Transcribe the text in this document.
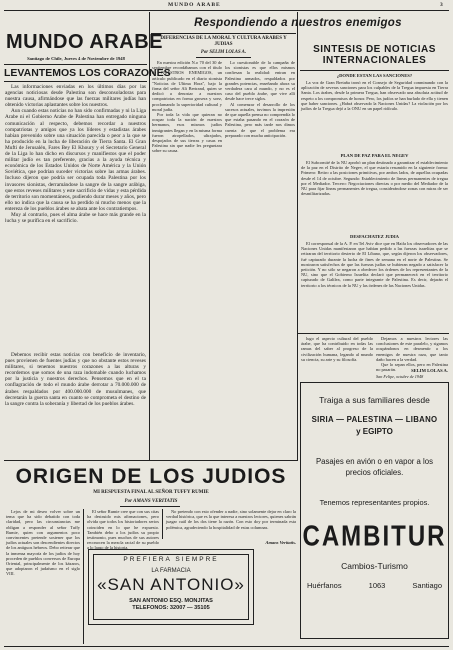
MUNDO ARABE	3
MUNDO ARABE
Santiago de Chile, Jueves 4 de Noviembre de 1948
LEVANTEMOS LOS CORAZONES

Las informaciones enviadas en los últimos días por las agencias noticiosas desde Palestina son desconsoladoras para nuestra causa, afirmándose que las fuerzas militares judías han obtenido victorias aplastantes sobre los nuestros.

Aun cuando estas noticias no han sido confirmadas y ni la Liga Arabe ni el Gobierno Arabe de Palestina han entregado ninguna comunicación al respecto, debemos recordar a nuestros compatriotas y amigos que ya los líderes y estadistas árabes habían prevenido sobre una situación parecida o peor a la que se ha producido en la lucha de liberación de Tierra Santa. El Gran Mufti de Jerusalén, Fares Bey El Khoury y el Secretario General de la Liga lo han dicho en discursos y manifiestos que el poder militar judío es tan preferente, gracias a la ayuda técnica y económica de los Estados Unidos de Norte América y la Unión Soviética, que podrían suceder victorias sobre las armas árabes. Incluso dijeron que podría ser ocupada toda Palestina por los invasores sionistas, derramándose la sangre de la sangre arábiga, que estos reveses militares y este sacrificio de vidas y esta pérdida de territorio son momentáneos, pudiendo durar meses y años, pero ello no indica que la causa se ha perdido ni mucho menos que la entereza de los pueblos árabes se abata ante los contratiempos.

Muy al contrario, pues el alma árabe se hace más grande en la lucha y se purifica en el sacrificio.

Debemos recibir estas noticias con beneficio de inventario, pues provienen de fuentes judías y que no obstante estos reveses militares, si tenemos nuestros corazones a las alturas y recordemos que somos de una raza indomable cuando luchamos por la justicia y nuestros derechos. Pensemos que en el ta conflagración de todo el mundo árabe derrotar a 70.000.000 de árabes respaldados por 400.000.000 de musulmanes, que decretarán la guerra santa en cuanto se comprometa el destino de la sangre contra la soberanía y libertad de los pueblos árabes.

Respondiendo a nuestros enemigos
DIFERENCIAS DE LA MORAL Y CULTURA ARABES Y JUDIAS
Por SELIM LOLAS A.

En nuestra edición N.o 70 del 30 de septiembre recordábamos con el título de NUESTROS ENEMIGOS, un artículo publicado en el diario sionista "Noticias de Ultima Hora", bajo la firma del señor Ali Bertrand, quien se dedicó a denostar a nuestros compatriotas en forma grosera y soez, proclamando la superioridad cultural y moral judía.

Por toda la vida que quieran no ocupar toda la nación de nuestros hermanos, esos mismos judíos inmigrantes llegan y en la misma forma fueron atropellados, ultrajados, despojados de sus tierras y casas en Palestina sin que nadie les preguntara sobre su causa.

Lo cuestionable de la campaña de los sionistas es que ellos mismos confiesan la realidad: entran en Palestina armados, respaldados por grandes potencias, enseñando ahora su verdadera cara al mundo, y no es el caso del pueblo árabe, que vive allí desde hace trece siglos.

Al comenzar el desarrollo de los sucesos actuales, tuvimos la impresión de que aquella prensa no comprendía lo que estaba pasando en el corazón de Palestina, pero más tarde nos dimos cuenta de que el problema era preparado con mucha anticipación.

SINTESIS DE NOTICIAS INTERNACIONALES
¿DONDE ESTAN LAS SANCIONES?

La voz de Gran Bretaña tronó en el Consejo de Seguridad conminando con la aplicación de severas sanciones para los culpables de la Tregua impuesta en Tierra Santa. Los árabes, desde la primera Tregua, han observado una absoluta actitud de respeto a los compromisos de honor. Pero, los judíos se han burlado de ella y tienen que haber sanciones. ¿Habrá observado la Naciones Unidas? La violación por los judíos de la Tregua dejó a la ONU en un papel ridículo.

PLAN DE PAZ PARA EL NEGEV

El Subcomité de la NU aprobó un plan destinado a garantizar el establecimiento de la paz en el Distrito de Negev, el que estaría resumido en la siguiente forma: Primero: Retiro a las posiciones primitivas, por ambos lados, de aquellas ocupadas desde el 14 de octubre. Segundo: Establecimiento de líneas permanentes de tregua por el Mediador. Tercero: Negociaciones directas o por medio del Mediador de la NU para fijar líneas permanentes de tregua, considerándose zonas con miras de ser desmilitarizadas.

DESFACHATEZ JUDIA

El corresponsal de la A. P. en Tel Aviv dice que en Haifa los observadores de las Naciones Unidas manifestaron que habían pedido a las fuerzas israelitas que se retiraran del territorio desierto de El Líbano, que, según dijeron los observadores, fué capturado durante la lucha de fines de semana en el norte de Palestina. Se mostraron satisfechos de que las fuerzas judías se hubieran negado a satisfacer la petición. Y no sólo se negaron a obedecer los órdenes de los representantes de la NU, sino que el Gobierno Israelita declaró que permanecerá en el territorio capturado de Galilea, como parte integrante de Palestina. Es decir, dejarán el territorio a los técnicos de la NU y las órdenes de las Naciones Unidas.

lugo el aspecto cultural del pueblo árabe, que ha contribuido en todas las ramas del saber al progreso de la civilización humana, legando al mundo su ciencia, su arte y su filosofía.

Dejamos a nuestros lectores las conclusiones de este paralelo, y sigamos ocupándonos en desmentir a los enemigos de nuestra raza, que tanto daño hacen a la verdad.

Que lo sepan ellos, pero en Palestina no pasarán.	SELIM LOLAS A.
San Felipe, octubre de 1948
Traiga a sus familiares desde
SIRIA — PALESTINA — LIBANO
y EGIPTO
Pasajes en avión o en vapor a los precios oficiales.
Tenemos representantes propios.
CAMBITUR
Cambios-Turismo
Huérfanos	1063	Santiago
ORIGEN DE LOS JUDIOS
MI RESPUESTA FINAL AL SEÑOR TUFFY RUMIE
Por AMANS VERITATIS

Lejos de mi deseo volver sobre un tema que ha sido debatido con toda claridad, pero las circunstancias me obligan a responder al señor Tuffy Rumie, quien con argumentos poco convincentes pretende sostener que los judíos actuales son descendientes directos de los antiguos hebreos. Debo reiterar que la inmensa mayoría de los judíos de hoy proceden de pueblos conversos de Europa Oriental, principalmente de los kázaros, que adoptaron el judaísmo en el siglo VIII.

El señor Rumie cree que con sus citas ha destruido mis afirmaciones, pero olvida que todos los historiadores serios coinciden en lo que he expuesto. También debo a los judíos su propio testimonio, pues muchos de sus autores reconocen la mezcla racial de su pueblo a lo largo de la historia.

No pretendo con esto ofender a nadie, sino solamente dejar en claro la verdad histórica, que es la que interesa a nuestros lectores, quienes sabrán juzgar cuál de los dos tiene la razón. Con esto doy por terminada esta polémica, agradeciendo la hospitalidad de estas columnas.

Amans Veritatis.
PREFIERA SIEMPRE
LA FARMACIA
«SAN ANTONIO»
SAN ANTONIO ESQ. MONJITAS
TELEFONOS: 32007 — 35105
